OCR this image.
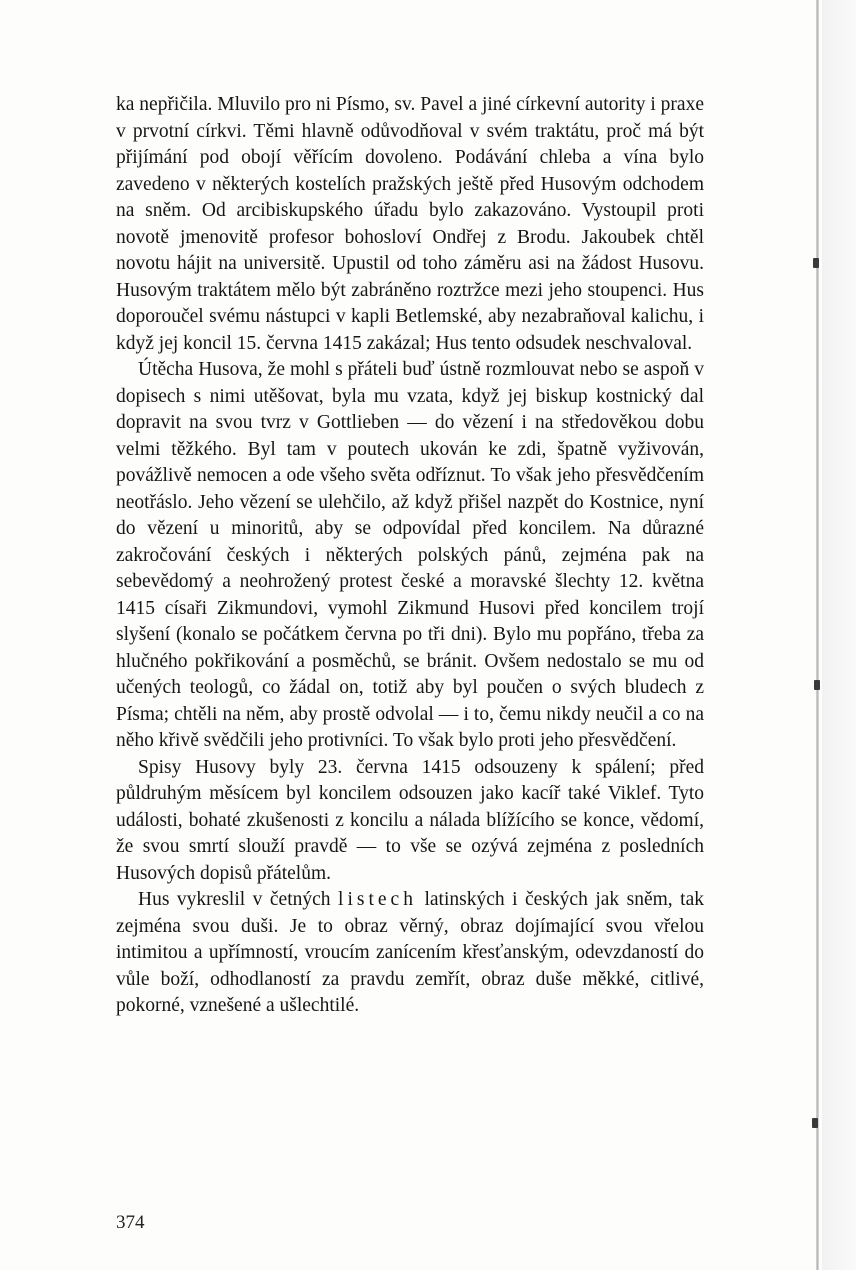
ka nepřičila. Mluvilo pro ni Písmo, sv. Pavel a jiné církevní autority i praxe v prvotní církvi. Těmi hlavně odůvodňoval v svém traktátu, proč má být přijímání pod obojí věřícím dovoleno. Podávání chleba a vína bylo zavedeno v některých kostelích pražských ještě před Husovým odchodem na sněm. Od arcibiskupského úřadu bylo zakazováno. Vystoupil proti novotě jmenovitě profesor bohosloví Ondřej z Brodu. Jakoubek chtěl novotu hájit na universitě. Upustil od toho záměru asi na žádost Husovu. Husovým traktátem mělo být zabráněno roztržce mezi jeho stoupenci. Hus doporoučel svému nástupci v kapli Betlemské, aby nezabraňoval kalichu, i když jej koncil 15. června 1415 zakázal; Hus tento odsudek neschvaloval.

Útěcha Husova, že mohl s přáteli buď ústně rozmlouvat nebo se aspoň v dopisech s nimi utěšovat, byla mu vzata, když jej biskup kostnický dal dopravit na svou tvrz v Gottlieben — do vězení i na středověkou dobu velmi těžkého. Byl tam v poutech ukován ke zdi, špatně vyživován, povážlivě nemocen a ode všeho světa odříznut. To však jeho přesvědčením neotřáslo. Jeho vězení se ulehčilo, až když přišel nazpět do Kostnice, nyní do vězení u minoritů, aby se odpovídal před koncilem. Na důrazné zakročování českých i některých polských pánů, zejména pak na sebevědomý a neohrožený protest české a moravské šlechty 12. května 1415 císaři Zikmundovi, vymohl Zikmund Husovi před koncilem trojí slyšení (konalo se počátkem června po tři dni). Bylo mu popřáno, třeba za hlučného pokřikování a posměchů, se bránit. Ovšem nedostalo se mu od učených teologů, co žádal on, totiž aby byl poučen o svých bludech z Písma; chtěli na něm, aby prostě odvolal — i to, čemu nikdy neučil a co na něho křivě svědčili jeho protivníci. To však bylo proti jeho přesvědčení.

Spisy Husovy byly 23. června 1415 odsouzeny k spálení; před půldruhým měsícem byl koncilem odsouzen jako kacíř také Viklef. Tyto události, bohaté zkušenosti z koncilu a nálada blížícího se konce, vědomí, že svou smrtí slouží pravdě — to vše se ozývá zejména z posledních Husových dopisů přátelům.

Hus vykreslil v četných listech latinských i českých jak sněm, tak zejména svou duši. Je to obraz věrný, obraz dojímající svou vřelou intimitou a upřímností, vroucím zanícením křesťanským, odevzdaností do vůle boží, odhodlaností za pravdu zemřít, obraz duše měkké, citlivé, pokorné, vznešené a ušlechtilé.

374
